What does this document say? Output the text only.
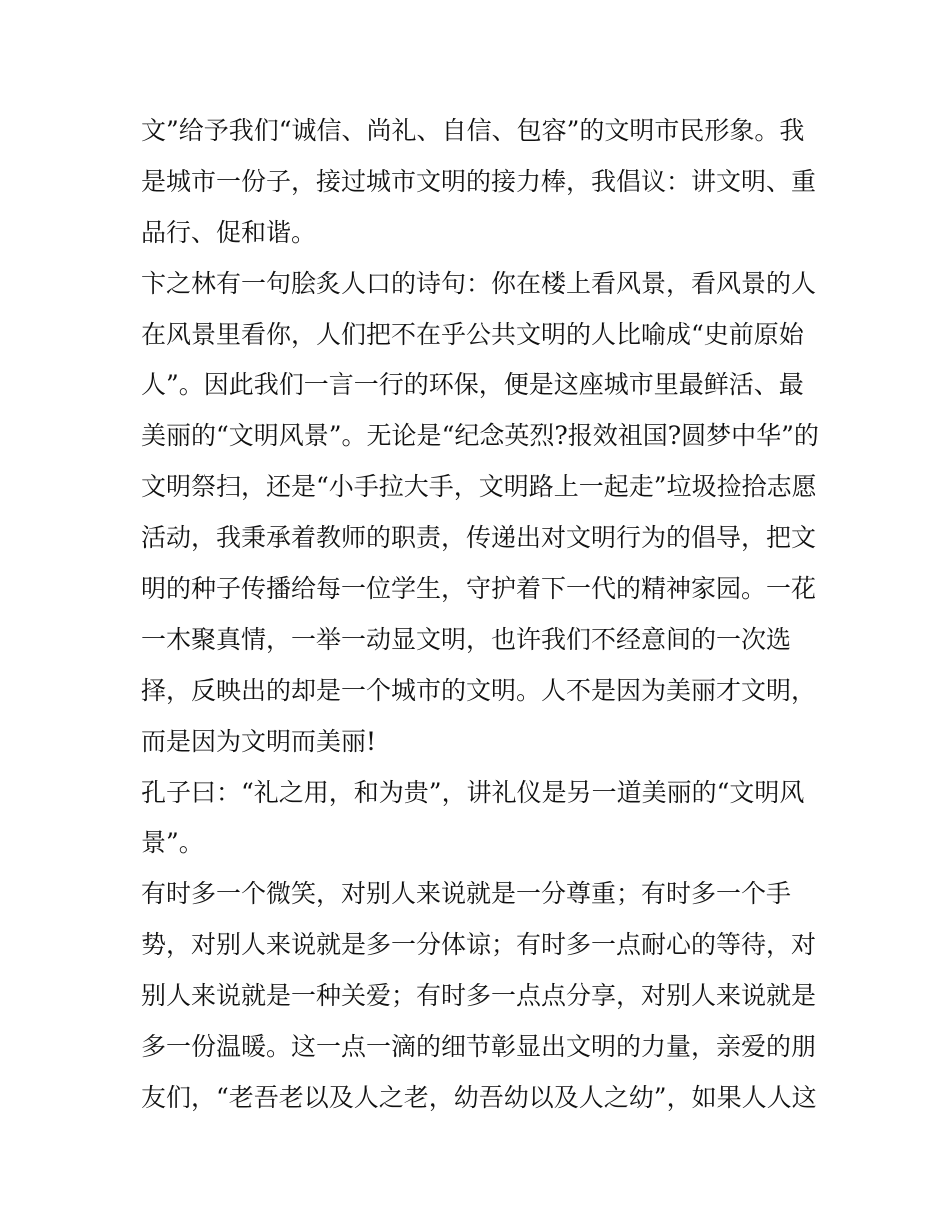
文”给予我们“诚信、尚礼、自信、包容”的文明市民形象。我
是城市一份子，接过城市文明的接力棒，我倡议：讲文明、重
品行、促和谐。
卞之林有一句脍炙人口的诗句：你在楼上看风景，看风景的人
在风景里看你，人们把不在乎公共文明的人比喻成“史前原始
人”。因此我们一言一行的环保，便是这座城市里最鲜活、最
美丽的“文明风景”。无论是“纪念英烈?报效祖国?圆梦中华”的
文明祭扫，还是“小手拉大手，文明路上一起走”垃圾捡拾志愿
活动，我秉承着教师的职责，传递出对文明行为的倡导，把文
明的种子传播给每一位学生，守护着下一代的精神家园。一花
一木聚真情，一举一动显文明，也许我们不经意间的一次选
择，反映出的却是一个城市的文明。人不是因为美丽才文明，
而是因为文明而美丽!
孔子曰：“礼之用，和为贵”，讲礼仪是另一道美丽的“文明风
景”。
有时多一个微笑，对别人来说就是一分尊重；有时多一个手
势，对别人来说就是多一分体谅；有时多一点耐心的等待，对
别人来说就是一种关爱；有时多一点点分享，对别人来说就是
多一份温暖。这一点一滴的细节彰显出文明的力量，亲爱的朋
友们，“老吾老以及人之老，幼吾幼以及人之幼”，如果人人这
